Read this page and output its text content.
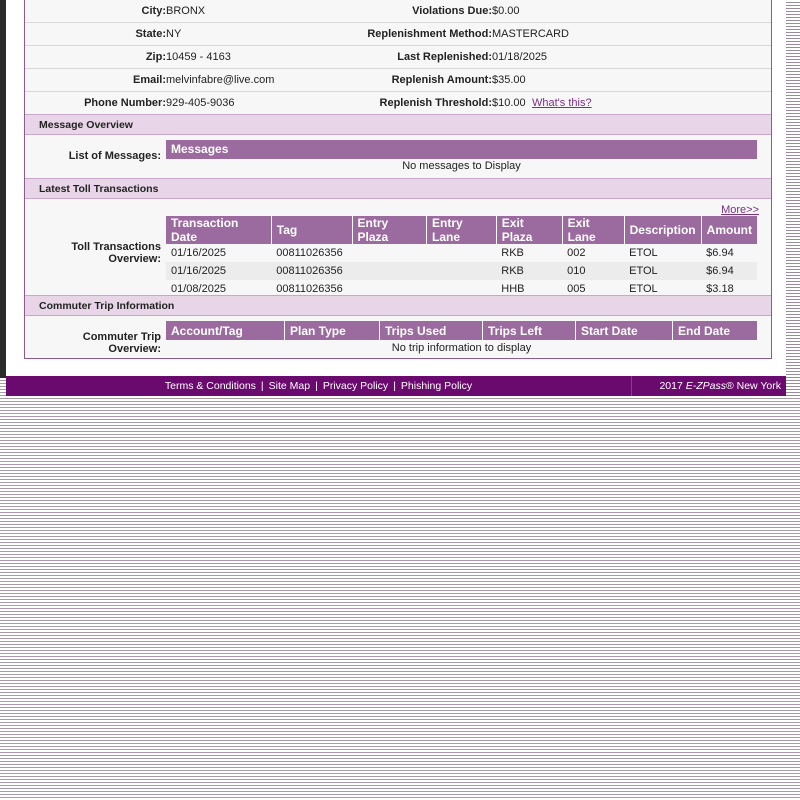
City: BRONX	Violations Due: $0.00
State: NY	Replenishment Method: MASTERCARD
Zip: 10459 - 4163	Last Replenished: 01/18/2025
Email: melvinfabre@live.com	Replenish Amount: $35.00
Phone Number: 929-405-9036	Replenish Threshold: $10.00 What's this?
Message Overview
List of Messages: Messages
No messages to Display
Latest Toll Transactions
More>>
Toll Transactions Overview:
Transaction Date	Tag	Entry Plaza	Entry Lane	Exit Plaza	Exit Lane	Description	Amount
01/16/2025	00811026356			RKB	002	ETOL	$6.94
01/16/2025	00811026356			RKB	010	ETOL	$6.94
01/08/2025	00811026356			HHB	005	ETOL	$3.18
Commuter Trip Information
Commuter Trip Overview:
Account/Tag	Plan Type	Trips Used	Trips Left	Start Date	End Date
No trip information to display
Terms & Conditions | Site Map | Privacy Policy | Phishing Policy	2017 E-ZPass® New York
